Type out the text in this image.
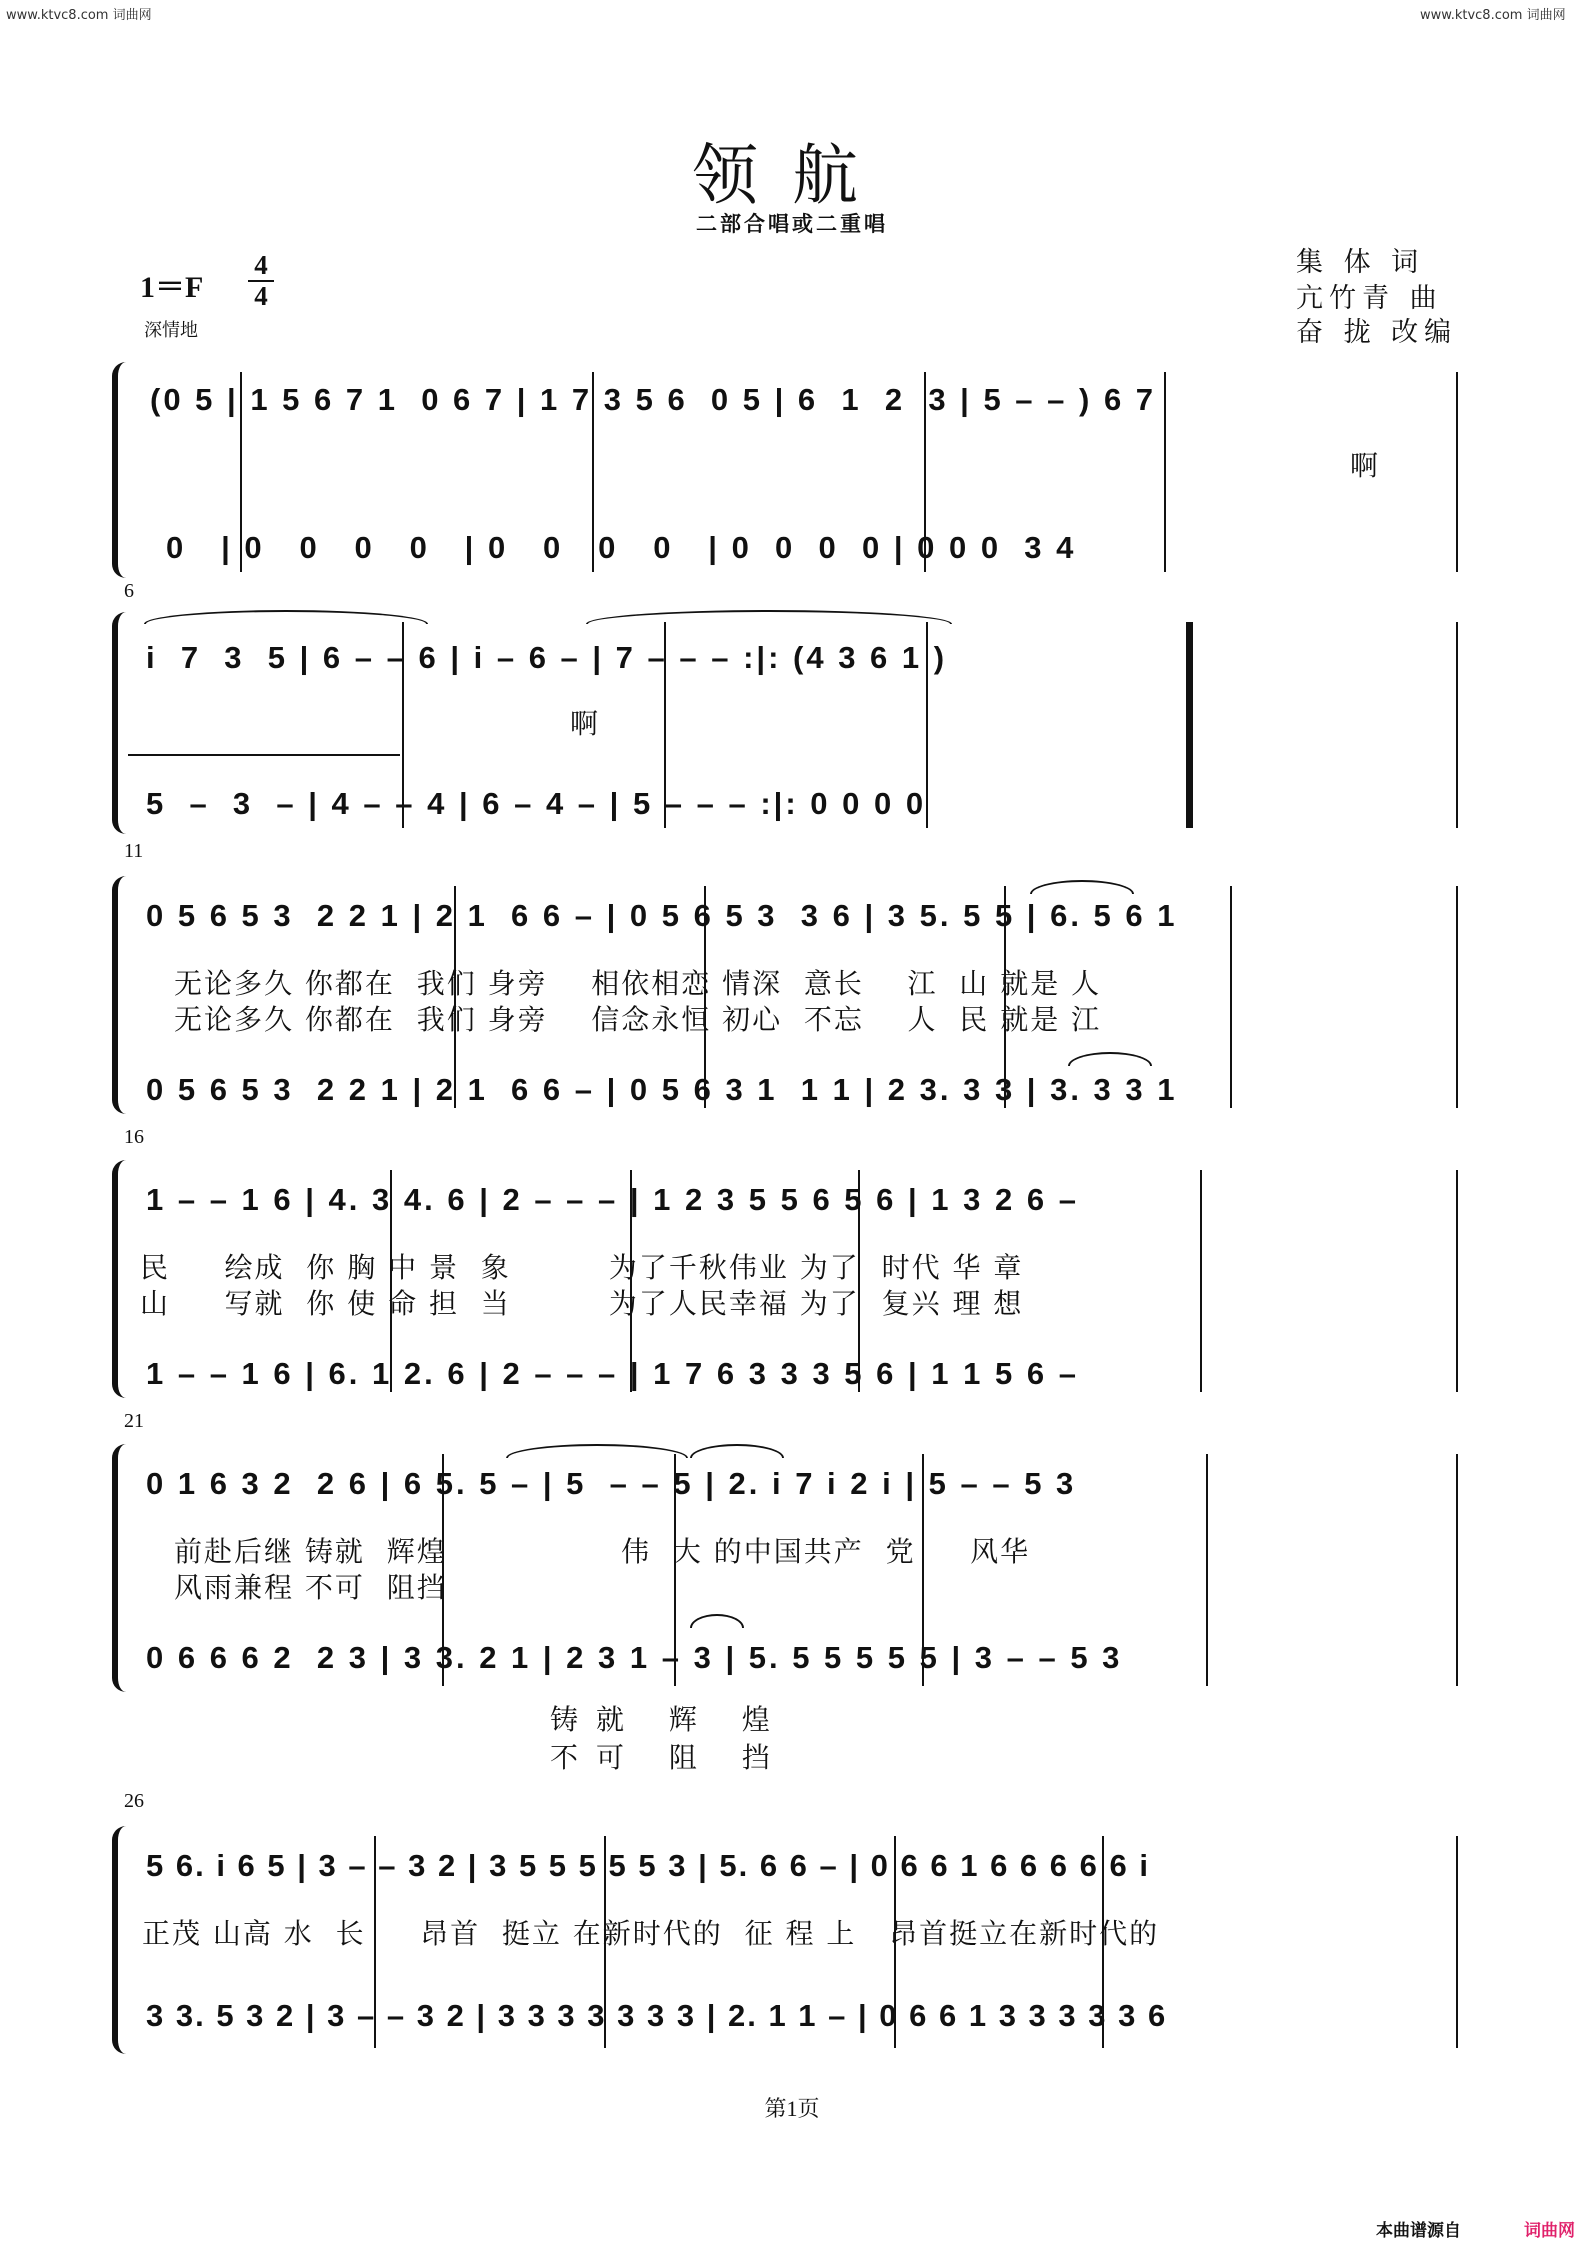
www.ktvc8.com 词曲网	www.ktvc8.com 词曲网
领航
二部合唱或二重唱
1＝F
4
4
深情地
集 体 词
亢竹青 曲
奋 拢 改编
(0 5 | 1 5 6 7 1  0 6 7 | 1 7 3 5 6  0 5 | 6  1  2  3 | 5 – – ) 6 7
啊
0   | 0   0   0   0   | 0   0   0   0   | 0  0  0  0 | 0 0 0  3 4
6
i  7  3  5 | 6 – – 6 | i – 6 – | 7 – – – :|: (4 3 6 1 )
啊
5  –  3  – | 4 – – 4 | 6 – 4 – | 5 – – – :|: 0 0 0 0
11
0 5 6 5 3  2 2 1 | 2 1  6 6 – | 0 5 6 5 3  3 6 | 3 5. 5 5 | 6. 5 6 1
无论多久 你都在  我们 身旁    相依相恋 情深  意长    江  山 就是 人
无论多久 你都在  我们 身旁    信念永恒 初心  不忘    人  民 就是 江
0 5 6 5 3  2 2 1 | 2 1  6 6 – | 0 5 6 3 1  1 1 | 2 3. 3 3 | 3. 3 3 1
16
1 – – 1 6 | 4. 3 4. 6 | 2 – – – | 1 2 3 5 5 6 5 6 | 1 3 2 6 –
民     绘成  你 胸 中 景  象         为了千秋伟业 为了  时代 华 章
山     写就  你 使 命 担  当         为了人民幸福 为了  复兴 理 想
1 – – 1 6 | 6. 1 2. 6 | 2 – – – | 1 7 6 3 3 3 5 6 | 1 1 5 6 –
21
0 1 6 3 2  2 6 | 6 5. 5 – | 5  – – 5 | 2. i 7 i 2 i | 5 – – 5 3
前赴后继 铸就  辉煌                伟  大 的中国共产  党     风华
风雨兼程 不可  阻挡
0 6 6 6 2  2 3 | 3 3. 2 1 | 2 3 1 – 3 | 5. 5 5 5 5 5 | 3 – – 5 3
铸就 辉 煌
不可 阻 挡
26
5 6. i 6 5 | 3 – – 3 2 | 3 5 5 5 5 5 3 | 5. 6 6 – | 0 6 6 1 6 6 6 6 6 i
正茂 山高 水  长     昂首  挺立 在新时代的  征 程 上   昂首挺立在新时代的
3 3. 5 3 2 | 3 – – 3 2 | 3 3 3 3 3 3 3 | 2. 1 1 – | 0 6 6 1 3 3 3 3 3 6
第1页
本曲谱源自	词曲网
